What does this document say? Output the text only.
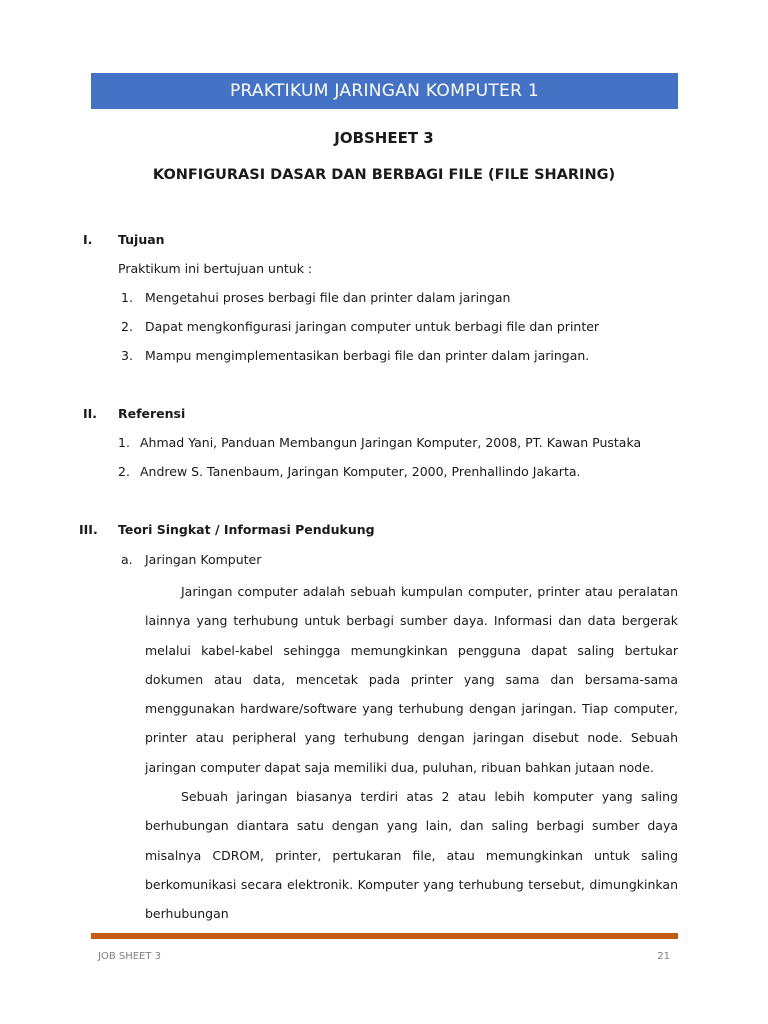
PRAKTIKUM JARINGAN KOMPUTER 1
JOBSHEET 3
KONFIGURASI DASAR DAN BERBAGI FILE (FILE SHARING)
I. Tujuan
Praktikum ini bertujuan untuk :
1. Mengetahui proses berbagi file dan printer dalam jaringan
2. Dapat mengkonfigurasi jaringan computer untuk berbagi file dan printer
3. Mampu mengimplementasikan berbagi file dan printer dalam jaringan.
II. Referensi
1. Ahmad Yani, Panduan Membangun Jaringan Komputer, 2008, PT. Kawan Pustaka
2. Andrew S. Tanenbaum, Jaringan Komputer, 2000, Prenhallindo Jakarta.
III. Teori Singkat / Informasi Pendukung
a. Jaringan Komputer

Jaringan computer adalah sebuah kumpulan computer, printer atau peralatan lainnya yang terhubung untuk berbagi sumber daya. Informasi dan data bergerak melalui kabel-kabel sehingga memungkinkan pengguna dapat saling bertukar dokumen atau data, mencetak pada printer yang sama dan bersama-sama menggunakan hardware/software yang terhubung dengan jaringan. Tiap computer, printer atau peripheral yang terhubung dengan jaringan disebut node. Sebuah jaringan computer dapat saja memiliki dua, puluhan, ribuan bahkan jutaan node.

Sebuah jaringan biasanya terdiri atas 2 atau lebih komputer yang saling berhubungan diantara satu dengan yang lain, dan saling berbagi sumber daya misalnya CDROM, printer, pertukaran file, atau memungkinkan untuk saling berkomunikasi secara elektronik. Komputer yang terhubung tersebut, dimungkinkan berhubungan

JOB SHEET 3	21
